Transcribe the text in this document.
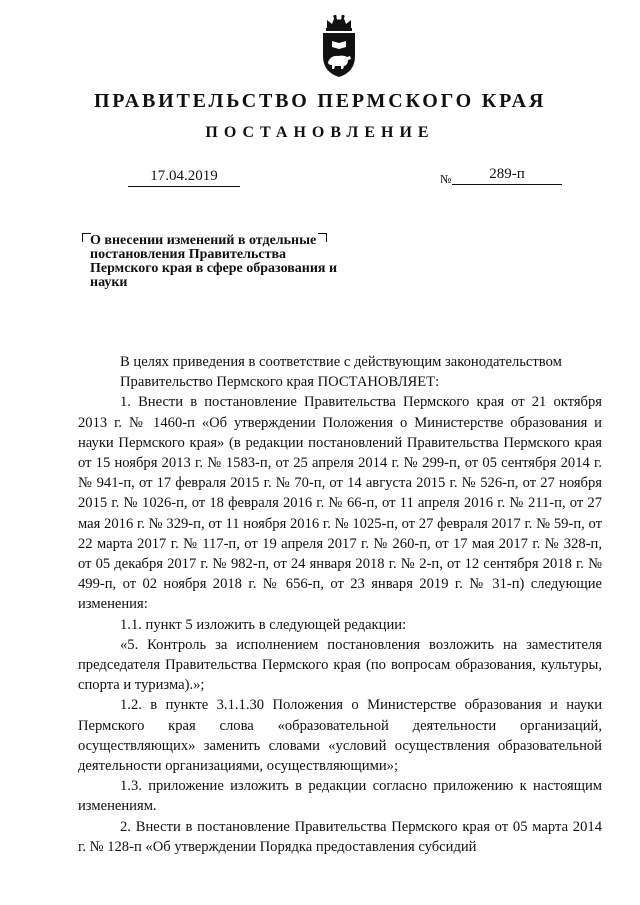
ПРАВИТЕЛЬСТВО ПЕРМСКОГО КРАЯ
ПОСТАНОВЛЕНИЕ
17.04.2019	№	289-п
О внесении изменений в отдельные постановления Правительства Пермского края в сфере образования и науки

В целях приведения в соответствие с действующим законодательством

Правительство Пермского края ПОСТАНОВЛЯЕТ:

1. Внести в постановление Правительства Пермского края от 21 октября 2013 г. № 1460-п «Об утверждении Положения о Министерстве образования и науки Пермского края» (в редакции постановлений Правительства Пермского края от 15 ноября 2013 г. № 1583-п, от 25 апреля 2014 г. № 299-п, от 05 сентября 2014 г. № 941-п, от 17 февраля 2015 г. № 70-п, от 14 августа 2015 г. № 526-п, от 27 ноября 2015 г. № 1026-п, от 18 февраля 2016 г. № 66-п, от 11 апреля 2016 г. № 211-п, от 27 мая 2016 г. № 329-п, от 11 ноября 2016 г. № 1025-п, от 27 февраля 2017 г. № 59-п, от 22 марта 2017 г. № 117-п, от 19 апреля 2017 г. № 260-п, от 17 мая 2017 г. № 328-п, от 05 декабря 2017 г. № 982-п, от 24 января 2018 г. № 2-п, от 12 сентября 2018 г. № 499-п, от 02 ноября 2018 г. № 656-п, от 23 января 2019 г. № 31-п) следующие изменения:

1.1. пункт 5 изложить в следующей редакции:

«5. Контроль за исполнением постановления возложить на заместителя председателя Правительства Пермского края (по вопросам образования, культуры, спорта и туризма).»;

1.2. в пункте 3.1.1.30 Положения о Министерстве образования и науки Пермского края слова «образовательной деятельности организаций, осуществляющих» заменить словами «условий осуществления образовательной деятельности организациями, осуществляющими»;

1.3. приложение изложить в редакции согласно приложению к настоящим изменениям.

2. Внести в постановление Правительства Пермского края от 05 марта 2014 г. № 128-п «Об утверждении Порядка предоставления субсидий
